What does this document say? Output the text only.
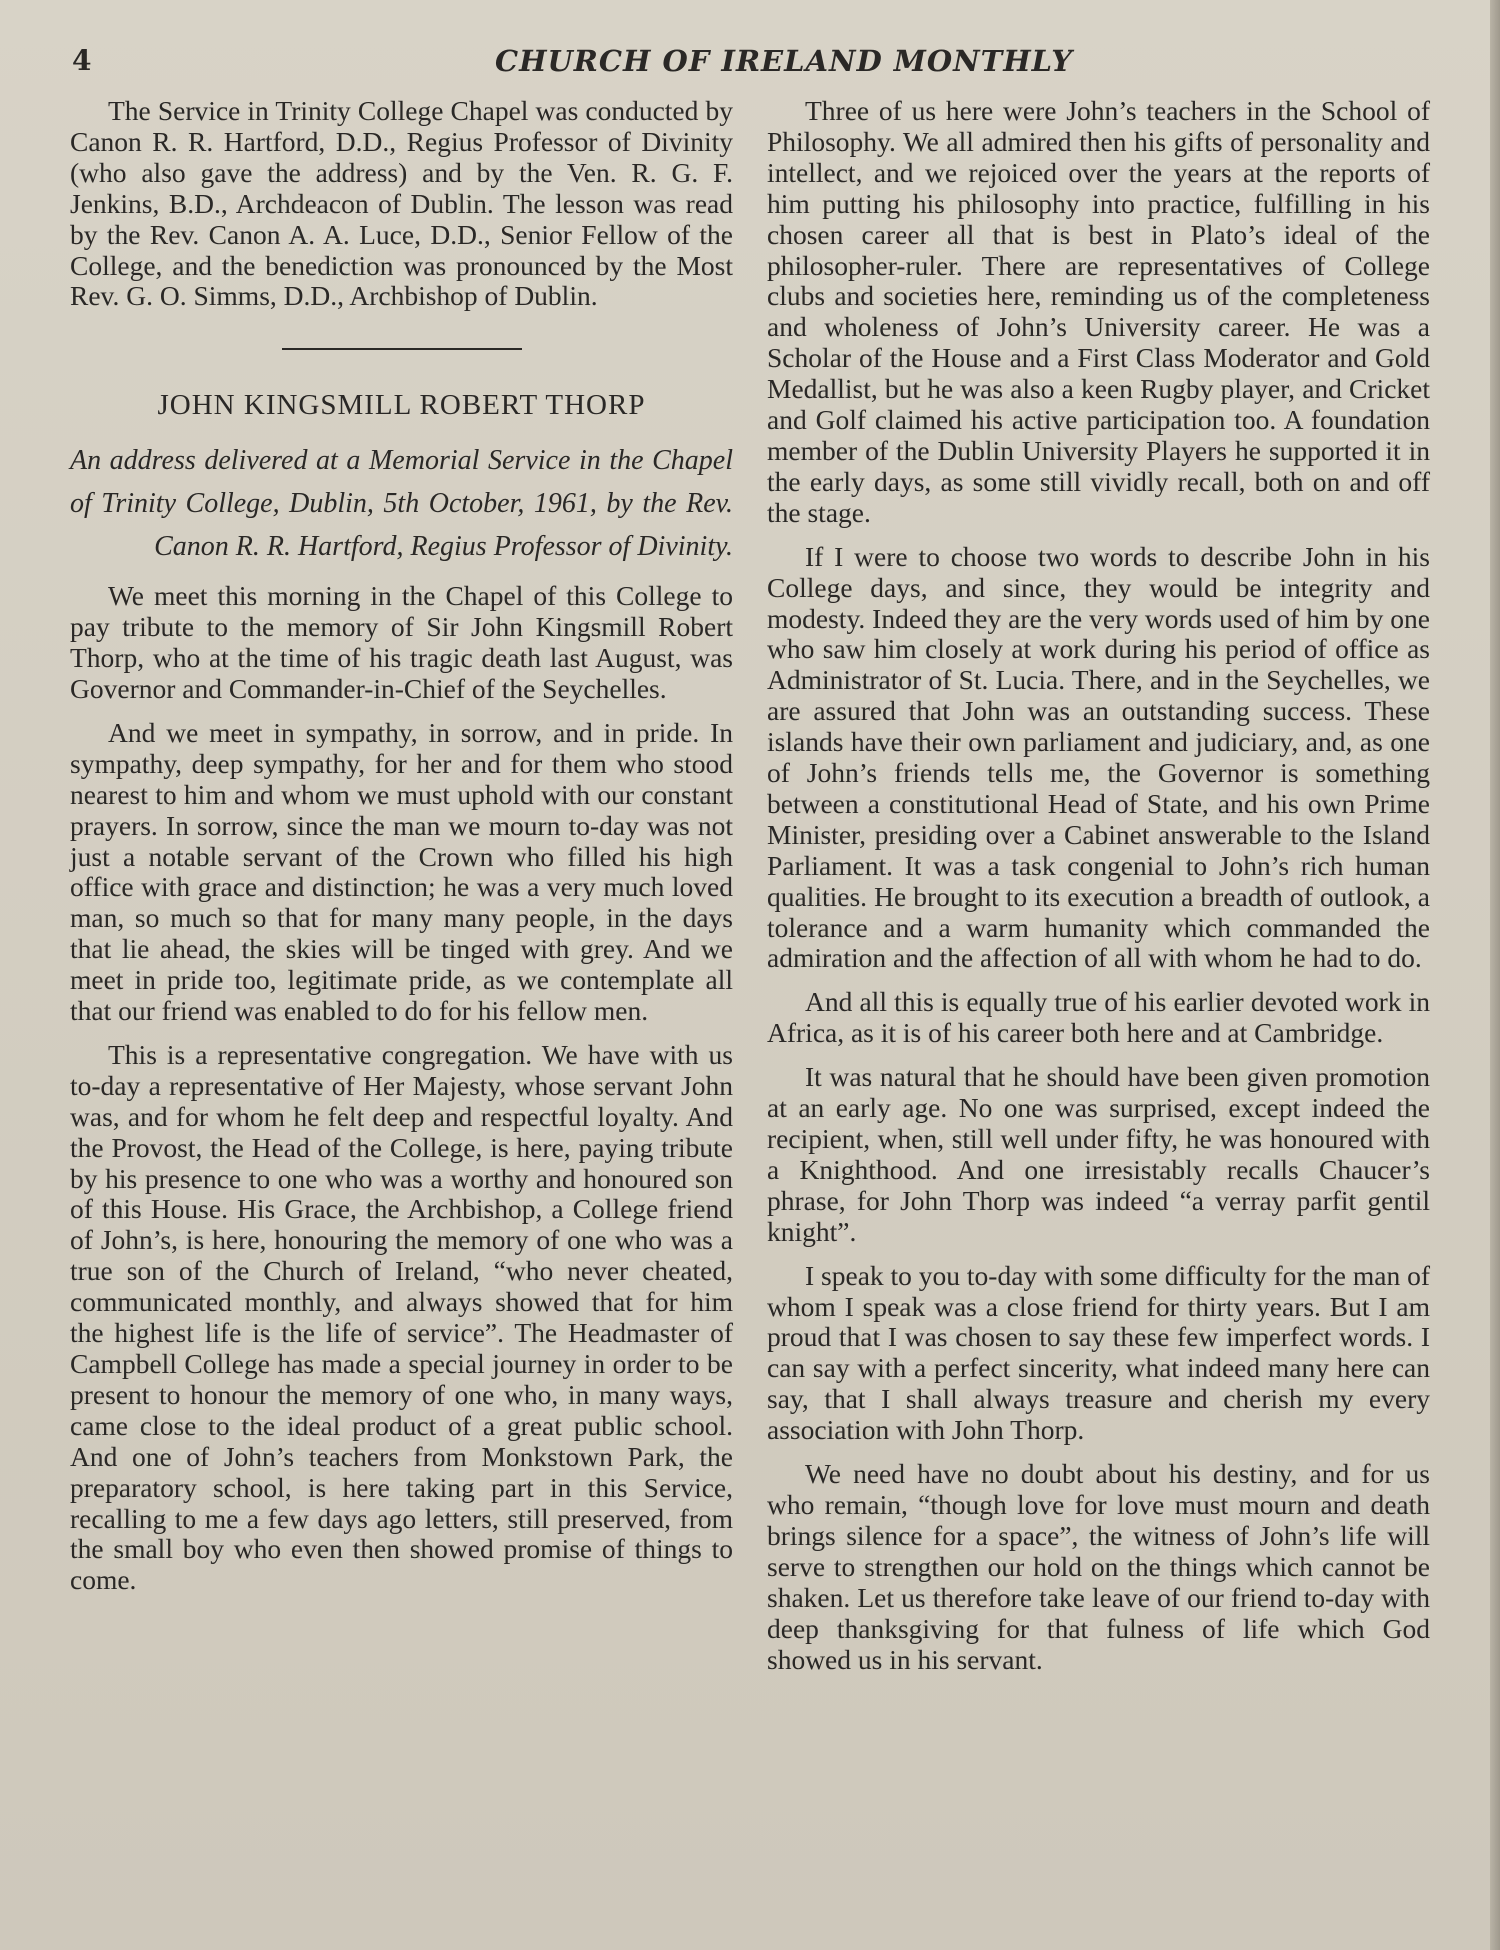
4	CHURCH OF IRELAND MONTHLY

The Service in Trinity College Chapel was conducted by Canon R. R. Hartford, D.D., Regius Professor of Divinity (who also gave the address) and by the Ven. R. G. F. Jenkins, B.D., Archdeacon of Dublin. The lesson was read by the Rev. Canon A. A. Luce, D.D., Senior Fellow of the College, and the benediction was pronounced by the Most Rev. G. O. Simms, D.D., Archbishop of Dublin.

JOHN KINGSMILL ROBERT THORP

An address delivered at a Memorial Service in the Chapel of Trinity College, Dublin, 5th October, 1961, by the Rev. Canon R. R. Hartford, Regius Professor of Divinity.

We meet this morning in the Chapel of this College to pay tribute to the memory of Sir John Kingsmill Robert Thorp, who at the time of his tragic death last August, was Governor and Commander-in-Chief of the Seychelles.

And we meet in sympathy, in sorrow, and in pride. In sympathy, deep sympathy, for her and for them who stood nearest to him and whom we must uphold with our constant prayers. In sorrow, since the man we mourn to-day was not just a notable servant of the Crown who filled his high office with grace and distinction; he was a very much loved man, so much so that for many many people, in the days that lie ahead, the skies will be tinged with grey. And we meet in pride too, legitimate pride, as we contemplate all that our friend was enabled to do for his fellow men.

This is a representative congregation. We have with us to-day a representative of Her Majesty, whose servant John was, and for whom he felt deep and respectful loyalty. And the Provost, the Head of the College, is here, paying tribute by his presence to one who was a worthy and honoured son of this House. His Grace, the Archbishop, a College friend of John’s, is here, honouring the memory of one who was a true son of the Church of Ireland, “who never cheated, communicated monthly, and always showed that for him the highest life is the life of service”. The Headmaster of Campbell College has made a special journey in order to be present to honour the memory of one who, in many ways, came close to the ideal product of a great public school. And one of John’s teachers from Monkstown Park, the preparatory school, is here taking part in this Service, recalling to me a few days ago letters, still preserved, from the small boy who even then showed promise of things to come.

Three of us here were John’s teachers in the School of Philosophy. We all admired then his gifts of personality and intellect, and we rejoiced over the years at the reports of him putting his philosophy into practice, fulfilling in his chosen career all that is best in Plato’s ideal of the philosopher-ruler. There are representatives of College clubs and societies here, reminding us of the completeness and wholeness of John’s University career. He was a Scholar of the House and a First Class Moderator and Gold Medallist, but he was also a keen Rugby player, and Cricket and Golf claimed his active participation too. A foundation member of the Dublin University Players he supported it in the early days, as some still vividly recall, both on and off the stage.

If I were to choose two words to describe John in his College days, and since, they would be integrity and modesty. Indeed they are the very words used of him by one who saw him closely at work during his period of office as Administrator of St. Lucia. There, and in the Seychelles, we are assured that John was an outstanding success. These islands have their own parliament and judiciary, and, as one of John’s friends tells me, the Governor is something between a constitutional Head of State, and his own Prime Minister, presiding over a Cabinet answerable to the Island Parliament. It was a task congenial to John’s rich human qualities. He brought to its execution a breadth of outlook, a tolerance and a warm humanity which commanded the admiration and the affection of all with whom he had to do.

And all this is equally true of his earlier devoted work in Africa, as it is of his career both here and at Cambridge.

It was natural that he should have been given promotion at an early age. No one was surprised, except indeed the recipient, when, still well under fifty, he was honoured with a Knighthood. And one irresistably recalls Chaucer’s phrase, for John Thorp was indeed “a verray parfit gentil knight”.

I speak to you to-day with some difficulty for the man of whom I speak was a close friend for thirty years. But I am proud that I was chosen to say these few imperfect words. I can say with a perfect sincerity, what indeed many here can say, that I shall always treasure and cherish my every association with John Thorp.

We need have no doubt about his destiny, and for us who remain, “though love for love must mourn and death brings silence for a space”, the witness of John’s life will serve to strengthen our hold on the things which cannot be shaken. Let us therefore take leave of our friend to-day with deep thanksgiving for that fulness of life which God showed us in his servant.
